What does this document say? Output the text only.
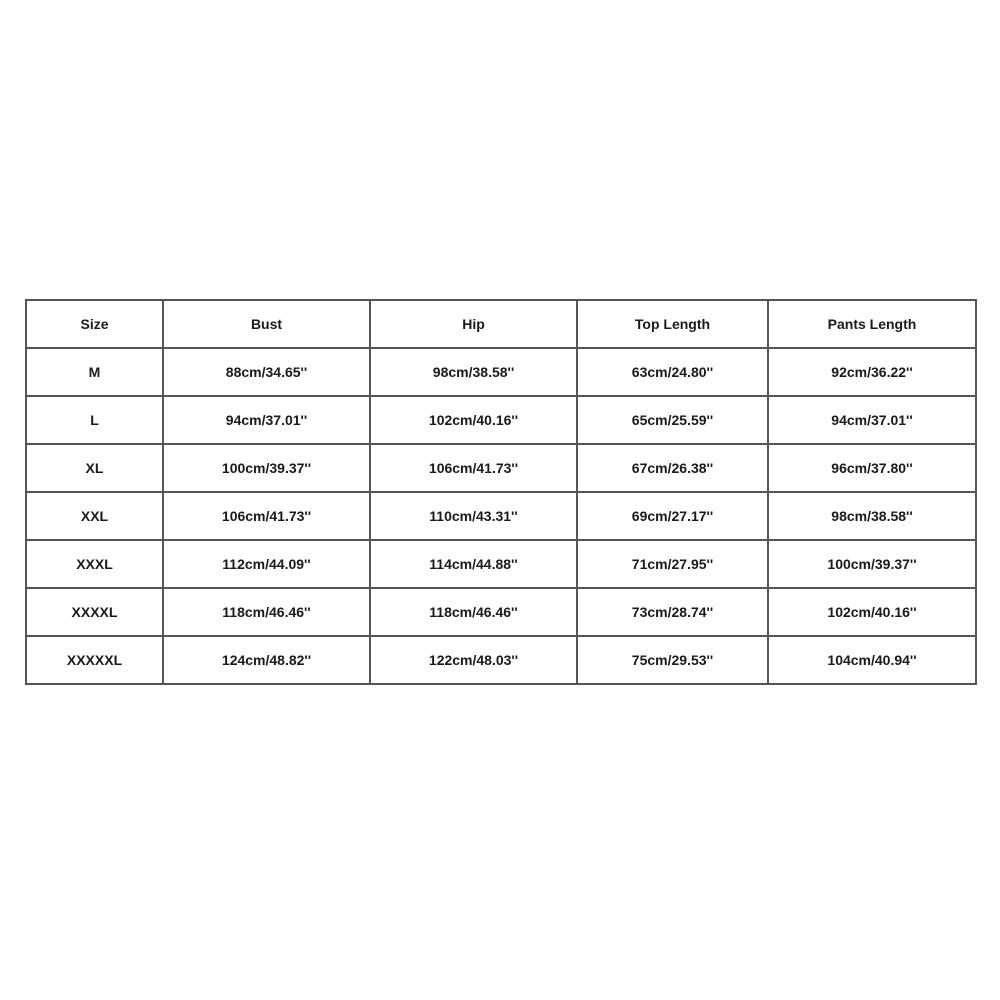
Size	Bust	Hip	Top Length	Pants Length
M	88cm/34.65''	98cm/38.58''	63cm/24.80''	92cm/36.22''
L	94cm/37.01''	102cm/40.16''	65cm/25.59''	94cm/37.01''
XL	100cm/39.37''	106cm/41.73''	67cm/26.38''	96cm/37.80''
XXL	106cm/41.73''	110cm/43.31''	69cm/27.17''	98cm/38.58''
XXXL	112cm/44.09''	114cm/44.88''	71cm/27.95''	100cm/39.37''
XXXXL	118cm/46.46''	118cm/46.46''	73cm/28.74''	102cm/40.16''
XXXXXL	124cm/48.82''	122cm/48.03''	75cm/29.53''	104cm/40.94''
